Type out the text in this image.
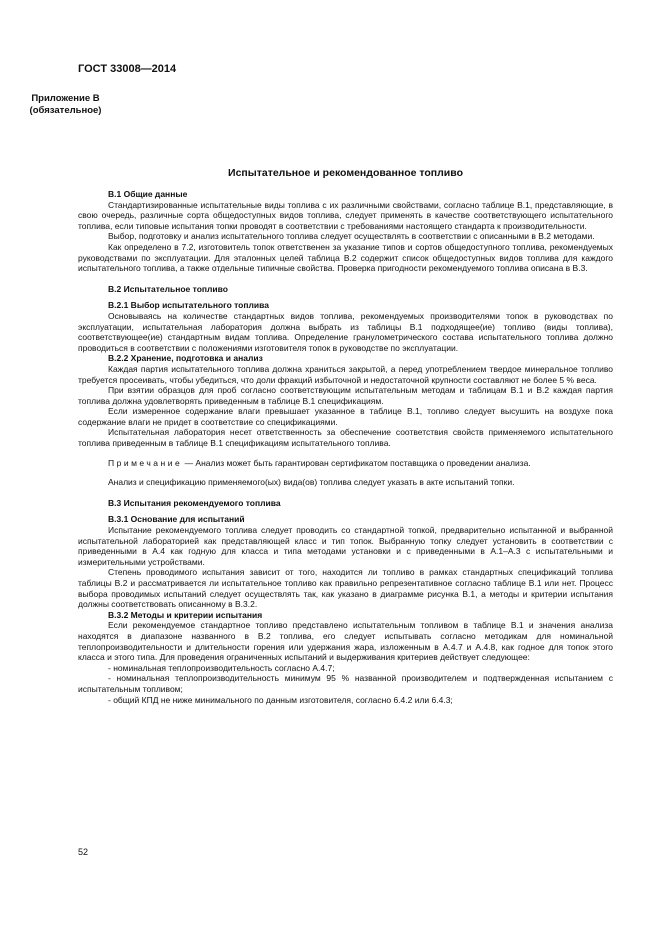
ГОСТ 33008—2014
Приложение В
(обязательное)
Испытательное и рекомендованное топливо

В.1 Общие данные

Стандартизированные испытательные виды топлива с их различными свойствами, согласно таблице В.1, представляющие, в свою очередь, различные сорта общедоступных видов топлива, следует применять в качестве соответствующего испытательного топлива, если типовые испытания топки проводят в соответствии с требованиями настоящего стандарта к производительности.

Выбор, подготовку и анализ испытательного топлива следует осуществлять в соответствии с описанными в В.2 методами.

Как определено в 7.2, изготовитель топок ответственен за указание типов и сортов общедоступного топлива, рекомендуемых руководствами по эксплуатации. Для эталонных целей таблица В.2 содержит список общедоступных видов топлива для каждого испытательного топлива, а также отдельные типичные свойства. Проверка пригодности рекомендуемого топлива описана в В.3.

В.2 Испытательное топливо

В.2.1 Выбор испытательного топлива

Основываясь на количестве стандартных видов топлива, рекомендуемых производителями топок в руководствах по эксплуатации, испытательная лаборатория должна выбрать из таблицы В.1 подходящее(ие) топливо (виды топлива), соответствующее(ие) стандартным видам топлива. Определение гранулометрического состава испытательного топлива должно проводиться в соответствии с положениями изготовителя топок в руководстве по эксплуатации.

В.2.2 Хранение, подготовка и анализ

Каждая партия испытательного топлива должна храниться закрытой, а перед употреблением твердое минеральное топливо требуется просеивать, чтобы убедиться, что доли фракций избыточной и недостаточной крупности составляют не более 5 % веса.

При взятии образцов для проб согласно соответствующим испытательным методам и таблицам В.1 и В.2 каждая партия топлива должна удовлетворять приведенным в таблице В.1 спецификациям.

Если измеренное содержание влаги превышает указанное в таблице В.1, топливо следует высушить на воздухе пока содержание влаги не придет в соответствие со спецификациями.

Испытательная лаборатория несет ответственность за обеспечение соответствия свойств применяемого испытательного топлива приведенным в таблице В.1 спецификациям испытательного топлива.

Примечание — Анализ может быть гарантирован сертификатом поставщика о проведении анализа.

Анализ и спецификацию применяемого(ых) вида(ов) топлива следует указать в акте испытаний топки.

В.3 Испытания рекомендуемого топлива

В.3.1 Основание для испытаний

Испытание рекомендуемого топлива следует проводить со стандартной топкой, предварительно испытанной и выбранной испытательной лабораторией как представляющей класс и тип топок. Выбранную топку следует установить в соответствии с приведенными в А.4 как годную для класса и типа методами установки и с приведенными в А.1–А.3 с испытательными и измерительными устройствами.

Степень проводимого испытания зависит от того, находится ли топливо в рамках стандартных спецификаций топлива таблицы В.2 и рассматривается ли испытательное топливо как правильно репрезентативное согласно таблице В.1 или нет. Процесс выбора проводимых испытаний следует осуществлять так, как указано в диаграмме рисунка В.1, а методы и критерии испытания должны соответствовать описанному в В.3.2.

В.3.2 Методы и критерии испытания

Если рекомендуемое стандартное топливо представлено испытательным топливом в таблице В.1 и значения анализа находятся в диапазоне названного в В.2 топлива, его следует испытывать согласно методикам для номинальной теплопроизводительности и длительности горения или удержания жара, изложенным в А.4.7 и А.4.8, как годное для топок этого класса и этого типа. Для проведения ограниченных испытаний и выдерживания критериев действует следующее:

- номинальная теплопроизводительность согласно А.4.7;

- номинальная теплопроизводительность минимум 95 % названной производителем и подтвержденная испытанием с испытательным топливом;

- общий КПД не ниже минимального по данным изготовителя, согласно 6.4.2 или 6.4.3;

52
